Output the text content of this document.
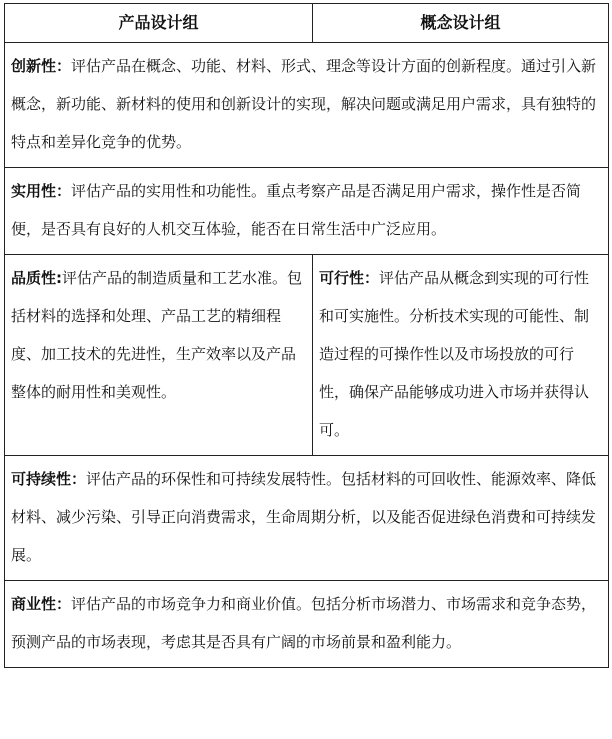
产品设计组	概念设计组

创新性：评估产品在概念、功能、材料、形式、理念等设计方面的创新程度。通过引入新概念，新功能、新材料的使用和创新设计的实现，解决问题或满足用户需求，具有独特的特点和差异化竞争的优势。	

实用性：评估产品的实用性和功能性。重点考察产品是否满足用户需求，操作性是否简便，是否具有良好的人机交互体验，能否在日常生活中广泛应用。	

品质性:评估产品的制造质量和工艺水准。包括材料的选择和处理、产品工艺的精细程度、加工技术的先进性，生产效率以及产品整体的耐用性和美观性。	可行性：评估产品从概念到实现的可行性和可实施性。分析技术实现的可能性、制造过程的可操作性以及市场投放的可行性，确保产品能够成功进入市场并获得认可。

可持续性：评估产品的环保性和可持续发展特性。包括材料的可回收性、能源效率、降低材料、减少污染、引导正向消费需求，生命周期分析，以及能否促进绿色消费和可持续发展。	

商业性：评估产品的市场竞争力和商业价值。包括分析市场潜力、市场需求和竞争态势，预测产品的市场表现，考虑其是否具有广阔的市场前景和盈利能力。	
